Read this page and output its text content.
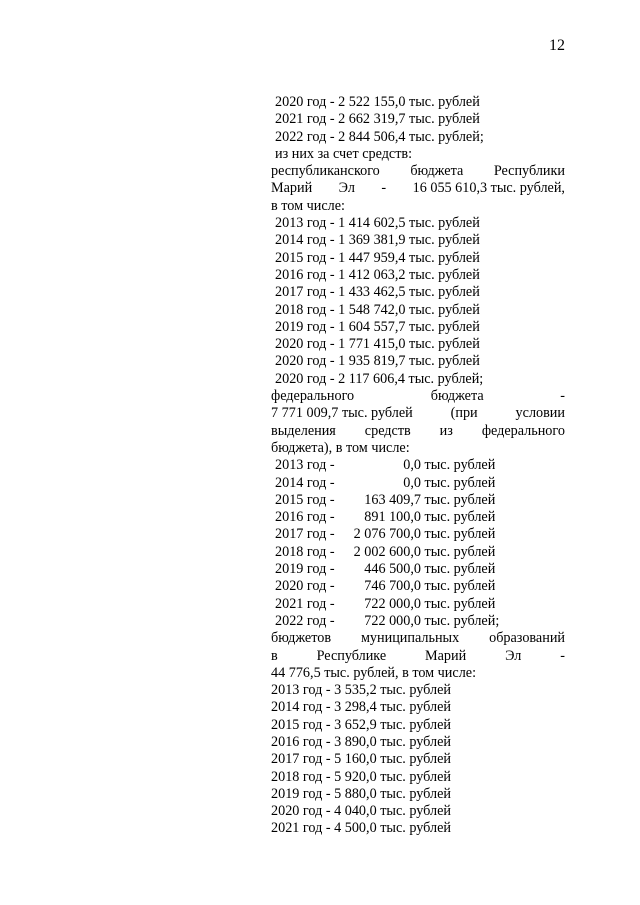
12
2020 год - 2 522 155,0 тыс. рублей
2021 год - 2 662 319,7 тыс. рублей
2022 год - 2 844 506,4 тыс. рублей;
из них за счет средств:
республиканского бюджета Республики
Марий Эл - 16 055 610,3 тыс. рублей,
в том числе:
2013 год - 1 414 602,5 тыс. рублей
2014 год - 1 369 381,9 тыс. рублей
2015 год - 1 447 959,4 тыс. рублей
2016 год - 1 412 063,2 тыс. рублей
2017 год - 1 433 462,5 тыс. рублей
2018 год - 1 548 742,0 тыс. рублей
2019 год - 1 604 557,7 тыс. рублей
2020 год - 1 771 415,0 тыс. рублей
2020 год - 1 935 819,7 тыс. рублей
2020 год - 2 117 606,4 тыс. рублей;
федерального	бюджета	-
7 771 009,7 тыс. рублей	(при	условии
выделения средств из федерального
бюджета), в том числе:
2013 год -	0,0 тыс. рублей
2014 год -	0,0 тыс. рублей
2015 год - 163 409,7 тыс. рублей
2016 год - 891 100,0 тыс. рублей
2017 год - 2 076 700,0 тыс. рублей
2018 год - 2 002 600,0 тыс. рублей
2019 год - 446 500,0 тыс. рублей
2020 год - 746 700,0 тыс. рублей
2021 год - 722 000,0 тыс. рублей
2022 год - 722 000,0 тыс. рублей;
бюджетов муниципальных образований
в	Республике	Марий	Эл	-
44 776,5 тыс. рублей, в том числе:
2013 год - 3 535,2 тыс. рублей
2014 год - 3 298,4 тыс. рублей
2015 год - 3 652,9 тыс. рублей
2016 год - 3 890,0 тыс. рублей
2017 год - 5 160,0 тыс. рублей
2018 год - 5 920,0 тыс. рублей
2019 год - 5 880,0 тыс. рублей
2020 год - 4 040,0 тыс. рублей
2021 год - 4 500,0 тыс. рублей
